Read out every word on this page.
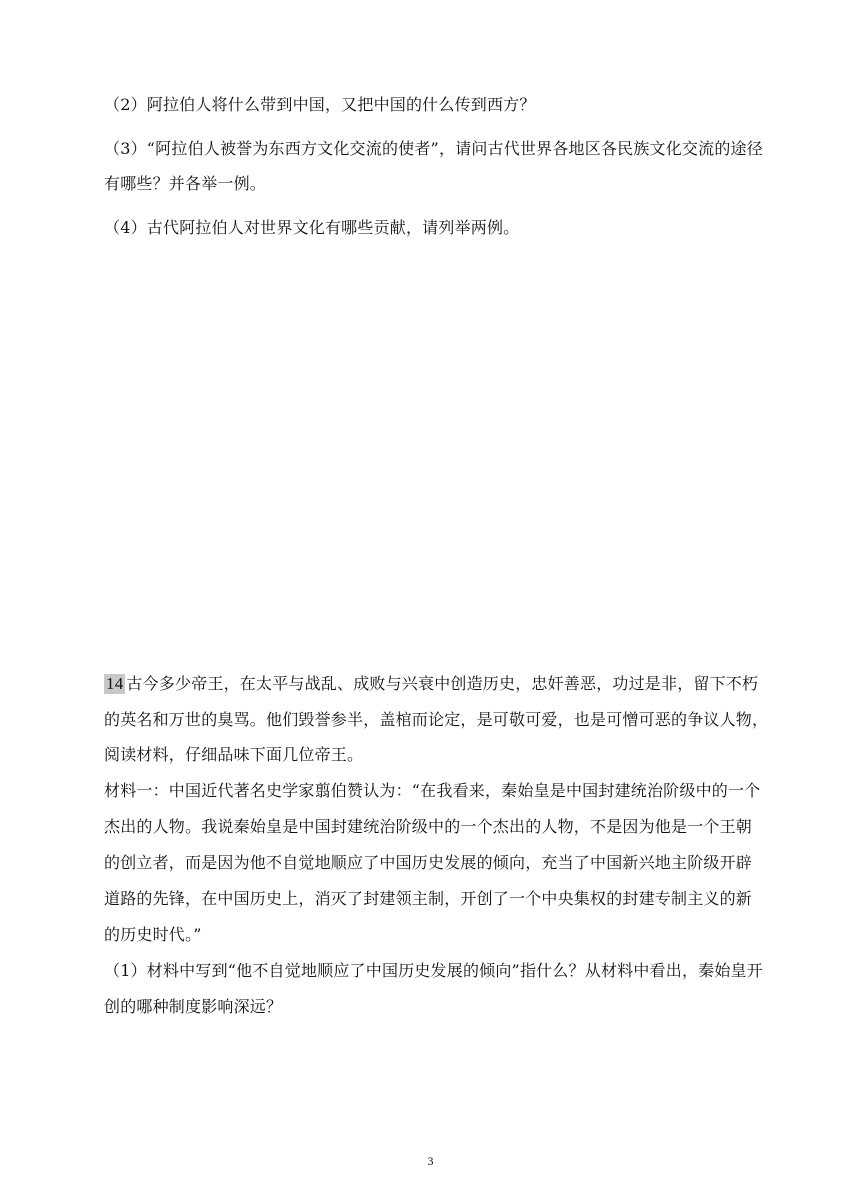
（2）阿拉伯人将什么带到中国，又把中国的什么传到西方？
（3）“阿拉伯人被誉为东西方文化交流的使者”，请问古代世界各地区各民族文化交流的途径
有哪些？并各举一例。
（4）古代阿拉伯人对世界文化有哪些贡献，请列举两例。
14 古今多少帝王，在太平与战乱、成败与兴衰中创造历史，忠奸善恶，功过是非，留下不朽
的英名和万世的臭骂。他们毁誉参半，盖棺而论定，是可敬可爱，也是可憎可恶的争议人物，
阅读材料，仔细品味下面几位帝王。
材料一：中国近代著名史学家翦伯赞认为：“在我看来，秦始皇是中国封建统治阶级中的一个
杰出的人物。我说秦始皇是中国封建统治阶级中的一个杰出的人物，不是因为他是一个王朝
的创立者，而是因为他不自觉地顺应了中国历史发展的倾向，充当了中国新兴地主阶级开辟
道路的先锋，在中国历史上，消灭了封建领主制，开创了一个中央集权的封建专制主义的新
的历史时代。”
（1）材料中写到“他不自觉地顺应了中国历史发展的倾向”指什么？从材料中看出，秦始皇开
创的哪种制度影响深远？
3
